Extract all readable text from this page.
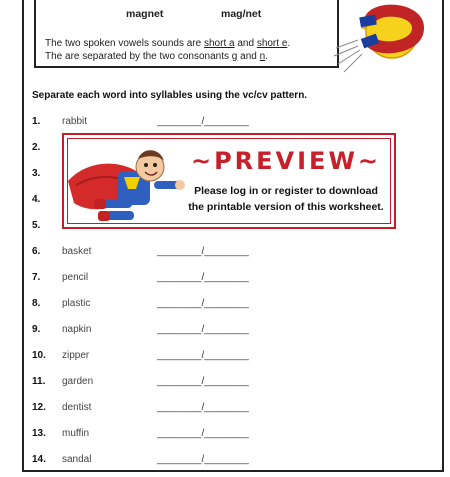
magnet	mag/net
The two spoken vowels sounds are short a and short e.
The are separated by the two consonants g and n.
Separate each word into syllables using the vc/cv pattern.
1. rabbit	________/________
2.
3.
4.
5.
6. basket	________/________
7. pencil	________/________
8. plastic	________/________
9. napkin	________/________
10. zipper	________/________
11. garden	________/________
12. dentist	________/________
13. muffin	________/________
14. sandal	________/________
~PREVIEW~
Please log in or register to download
the printable version of this worksheet.
